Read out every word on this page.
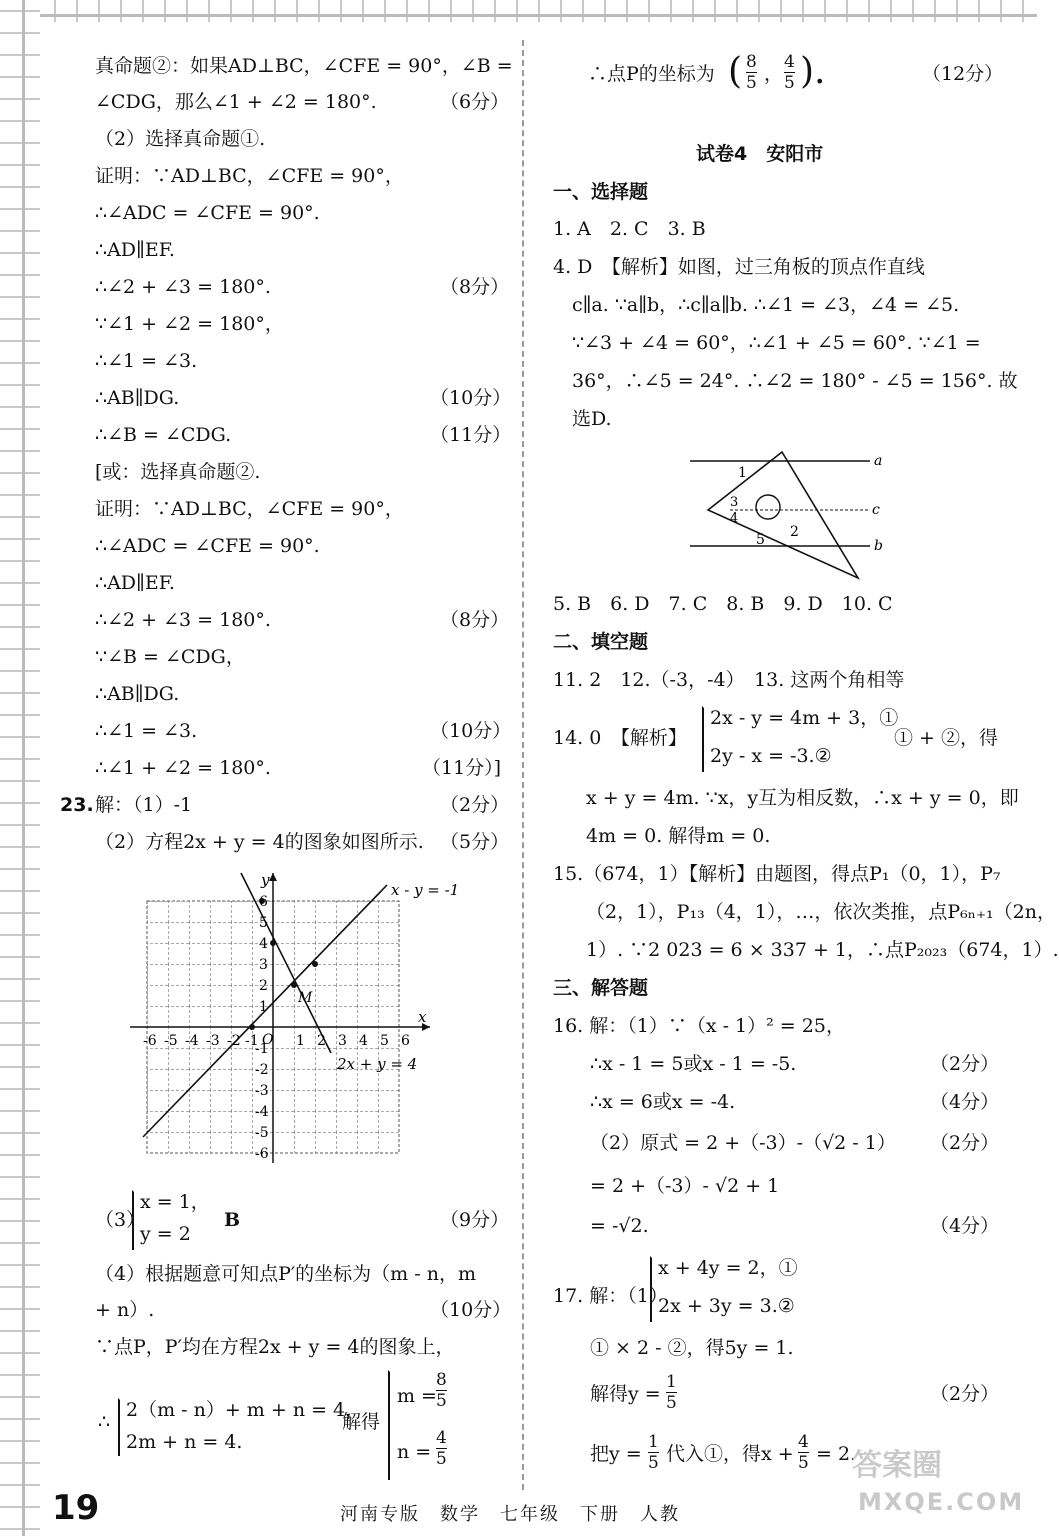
真命题②：如果AD⊥BC，∠CFE = 90°，∠B =
∠CDG，那么∠1 + ∠2 = 180°.	（6分）
（2）选择真命题①.
证明：∵AD⊥BC，∠CFE = 90°，
∴∠ADC = ∠CFE = 90°.
∴AD∥EF.
∴∠2 + ∠3 = 180°.	（8分）
∵∠1 + ∠2 = 180°，
∴∠1 = ∠3.
∴AB∥DG.	（10分）
∴∠B = ∠CDG.	（11分）
[或：选择真命题②.
证明：∵AD⊥BC，∠CFE = 90°，
∴∠ADC = ∠CFE = 90°.
∴AD∥EF.
∴∠2 + ∠3 = 180°.	（8分）
∵∠B = ∠CDG，
∴AB∥DG.
∴∠1 = ∠3.	（10分）
∴∠1 + ∠2 = 180°.	（11分）]
23. 解：（1）-1	（2分）
（2）方程2x + y = 4的图象如图所示. （5分）
-6 -5 -4 -3 -2 -1	1 2 3 4 5 6
6
5
4
3
2
1
-1
-2
-3
-4
-5
-6
y
x
O
M
x - y = -1
2x + y = 4
（3）
x = 1，
y = 2
B	（9分）
（4）根据题意可知点P′的坐标为（m - n，m
+ n）.	（10分）
∵点P，P′均在方程2x + y = 4的图象上，
∴
2（m - n）+ m + n = 4，
2m + n = 4.
解得
$m = \frac{8}{5}$
$n = \frac{4}{5}$
∴点P的坐标为 ( $\frac{8}{5}$ ， $\frac{4}{5}$ ).	（12分）
试卷4　安阳市
一、选择题
1. A　2. C　3. B
4. D　【解析】如图，过三角板的顶点作直线
c∥a. ∵a∥b，∴c∥a∥b. ∴∠1 = ∠3，∠4 = ∠5.
∵∠3 + ∠4 = 60°，∴∠1 + ∠5 = 60°. ∵∠1 =
36°，∴∠5 = 24°. ∴∠2 = 180° - ∠5 = 156°. 故
选D.
a
c
b
1
3
4
5 2
5. B　6. D　7. C　8. B　9. D　10. C
二、填空题
11. 2　12.（-3，-4）　13. 这两个角相等
14. 0　【解析】
2x - y = 4m + 3，①
2y - x = -3.②
① + ②，得
x + y = 4m. ∵x，y互为相反数，∴x + y = 0，即
4m = 0. 解得m = 0.
15.（674，1）【解析】由题图，得点P₁（0，1），P₇
（2，1），P₁₃（4，1），…，依次类推，点P₆ₙ₊₁（2n，
1）. ∵2 023 = 6 × 337 + 1，∴点P₂₀₂₃（674，1）.
三、解答题
16. 解：（1）∵（x - 1）² = 25，
∴x - 1 = 5或x - 1 = -5.	（2分）
∴x = 6或x = -4.	（4分）
（2）原式 = 2 +（-3）-（√2 - 1） （2分）
= 2 +（-3）- √2 + 1
= -√2.	（4分）
17. 解：（1）
x + 4y = 2，①
2x + 3y = 3.②
① × 2 - ②，得5y = 1.
解得$y = \frac{1}{5}$	（2分）
把$y = \frac{1}{5}$ 代入①，得$x + \frac{4}{5} = 2$.
19	河南专版　数学　七年级　下册　人教
答案圈
MXQE.COM
